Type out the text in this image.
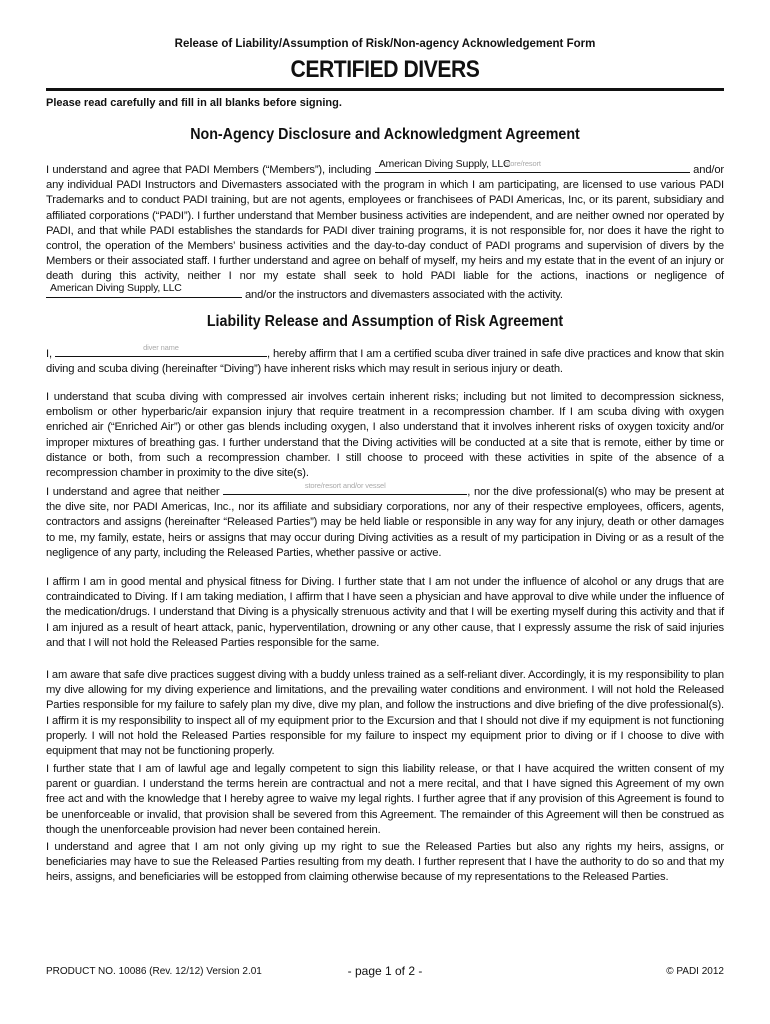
Release of Liability/Assumption of Risk/Non-agency Acknowledgement Form
CERTIFIED DIVERS
Please read carefully and fill in all blanks before signing.
Non-Agency Disclosure and Acknowledgment Agreement
I understand and agree that PADI Members (“Members”), including
American Diving Supply, LLC
store/resort
and/or any individual PADI Instructors and Divemasters associated with the program in which I am participating, are licensed to use various PADI Trademarks and to conduct PADI training, but are not agents, employees or franchisees of PADI Americas, Inc, or its parent, subsidiary and affiliated corporations (“PADI”). I further understand that Member business activities are independent, and are neither owned nor operated by PADI, and that while PADI establishes the standards for PADI diver training programs, it is not responsible for, nor does it have the right to control, the operation of the Members’ business activities and the day-to-day conduct of PADI programs and supervision of divers by the Members or their associated staff. I further understand and agree on behalf of myself, my heirs and my estate that in the event of an injury or death during this activity, neither I nor my estate shall seek to hold PADI liable for the actions, inactions or negligence of
American Diving Supply, LLC
and/or the instructors and divemasters associated with the activity.
Liability Release and Assumption of Risk Agreement
I,
diver name
, hereby affirm that I am a certified scuba diver trained in safe dive practices and know that skin diving and scuba diving (hereinafter “Diving”) have inherent risks which may result in serious injury or death.
I understand that scuba diving with compressed air involves certain inherent risks; including but not limited to decompression sickness, embolism or other hyperbaric/air expansion injury that require treatment in a recompression chamber. If I am scuba diving with oxygen enriched air (“Enriched Air”) or other gas blends including oxygen, I also understand that it involves inherent risks of oxygen toxicity and/or improper mixtures of breathing gas. I further understand that the Diving activities will be conducted at a site that is remote, either by time or distance or both, from such a recompression chamber. I still choose to proceed with these activities in spite of the absence of a recompression chamber in proximity to the dive site(s).
I understand and agree that neither
store/resort and/or vessel
, nor the dive professional(s) who may be present at the dive site, nor PADI Americas, Inc., nor its affiliate and subsidiary corporations, nor any of their respective employees, officers, agents, contractors and assigns (hereinafter “Released Parties”) may be held liable or responsible in any way for any injury, death or other damages to me, my family, estate, heirs or assigns that may occur during Diving activities as a result of my participation in Diving or as a result of the negligence of any party, including the Released Parties, whether passive or active.
I affirm I am in good mental and physical fitness for Diving. I further state that I am not under the influence of alcohol or any drugs that are contraindicated to Diving. If I am taking mediation, I affirm that I have seen a physician and have approval to dive while under the influence of the medication/drugs. I understand that Diving is a physically strenuous activity and that I will be exerting myself during this activity and that if I am injured as a result of heart attack, panic, hyperventilation, drowning or any other cause, that I expressly assume the risk of said injuries and that I will not hold the Released Parties responsible for the same.
I am aware that safe dive practices suggest diving with a buddy unless trained as a self-reliant diver. Accordingly, it is my responsibility to plan my dive allowing for my diving experience and limitations, and the prevailing water conditions and environment. I will not hold the Released Parties responsible for my failure to safely plan my dive, dive my plan, and follow the instructions and dive briefing of the dive professional(s). I affirm it is my responsibility to inspect all of my equipment prior to the Excursion and that I should not dive if my equipment is not functioning properly. I will not hold the Released Parties responsible for my failure to inspect my equipment prior to diving or if I choose to dive with equipment that may not be functioning properly.
I further state that I am of lawful age and legally competent to sign this liability release, or that I have acquired the written consent of my parent or guardian. I understand the terms herein are contractual and not a mere recital, and that I have signed this Agreement of my own free act and with the knowledge that I hereby agree to waive my legal rights. I further agree that if any provision of this Agreement is found to be unenforceable or invalid, that provision shall be severed from this Agreement. The remainder of this Agreement will then be construed as though the unenforceable provision had never been contained herein.
I understand and agree that I am not only giving up my right to sue the Released Parties but also any rights my heirs, assigns, or beneficiaries may have to sue the Released Parties resulting from my death. I further represent that I have the authority to do so and that my heirs, assigns, and beneficiaries will be estopped from claiming otherwise because of my representations to the Released Parties.
PRODUCT NO. 10086 (Rev. 12/12) Version 2.01	- page 1 of 2 -	© PADI 2012
